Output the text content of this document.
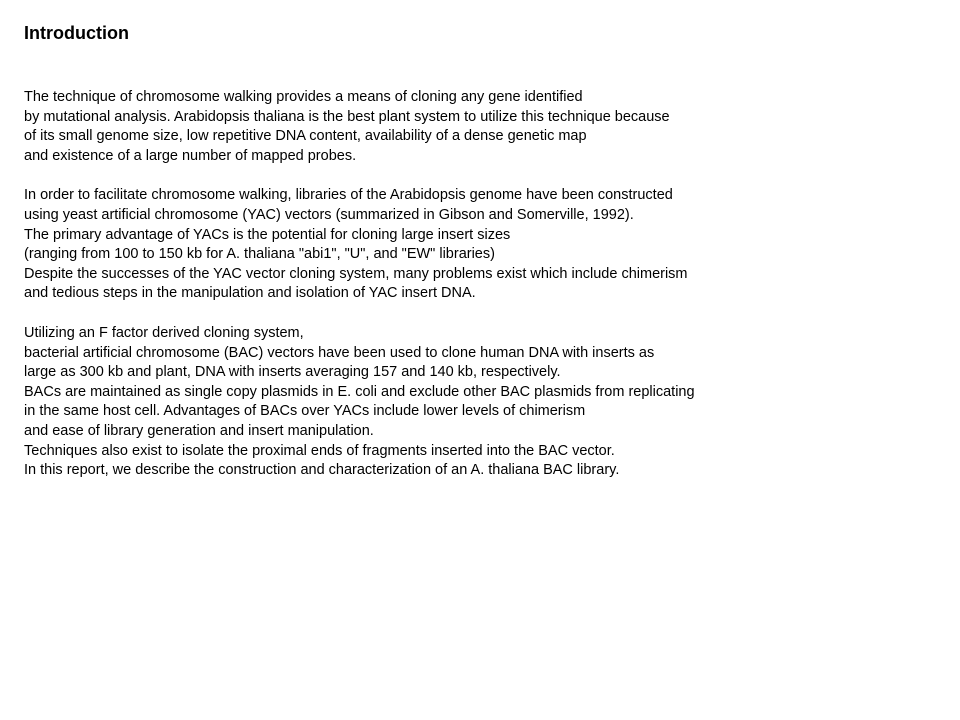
Introduction
The technique of chromosome walking provides a means of cloning any gene identified
by mutational analysis. Arabidopsis thaliana is the best plant system to utilize this technique because
of its small genome size, low repetitive DNA content, availability of a dense genetic map
and existence of a large number of mapped probes.
In order to facilitate chromosome walking, libraries of the Arabidopsis genome have been constructed
using yeast artificial chromosome (YAC) vectors (summarized in Gibson and Somerville, 1992).
The primary advantage of YACs is the potential for cloning large insert sizes
(ranging from 100 to 150 kb for A. thaliana "abi1", "U", and "EW" libraries)
Despite the successes of the YAC vector cloning system, many problems exist which include chimerism
and tedious steps in the manipulation and isolation of YAC insert DNA.
Utilizing an F factor derived cloning system,
bacterial artificial chromosome (BAC) vectors have been used to clone human DNA with inserts as
large as 300 kb and plant, DNA with inserts averaging 157 and 140 kb, respectively.
BACs are maintained as single copy plasmids in E. coli and exclude other BAC plasmids from replicating
in the same host cell. Advantages of BACs over YACs include lower levels of chimerism
and ease of library generation and insert manipulation.
Techniques also exist to isolate the proximal ends of fragments inserted into the BAC vector.
In this report, we describe the construction and characterization of an A. thaliana BAC library.
